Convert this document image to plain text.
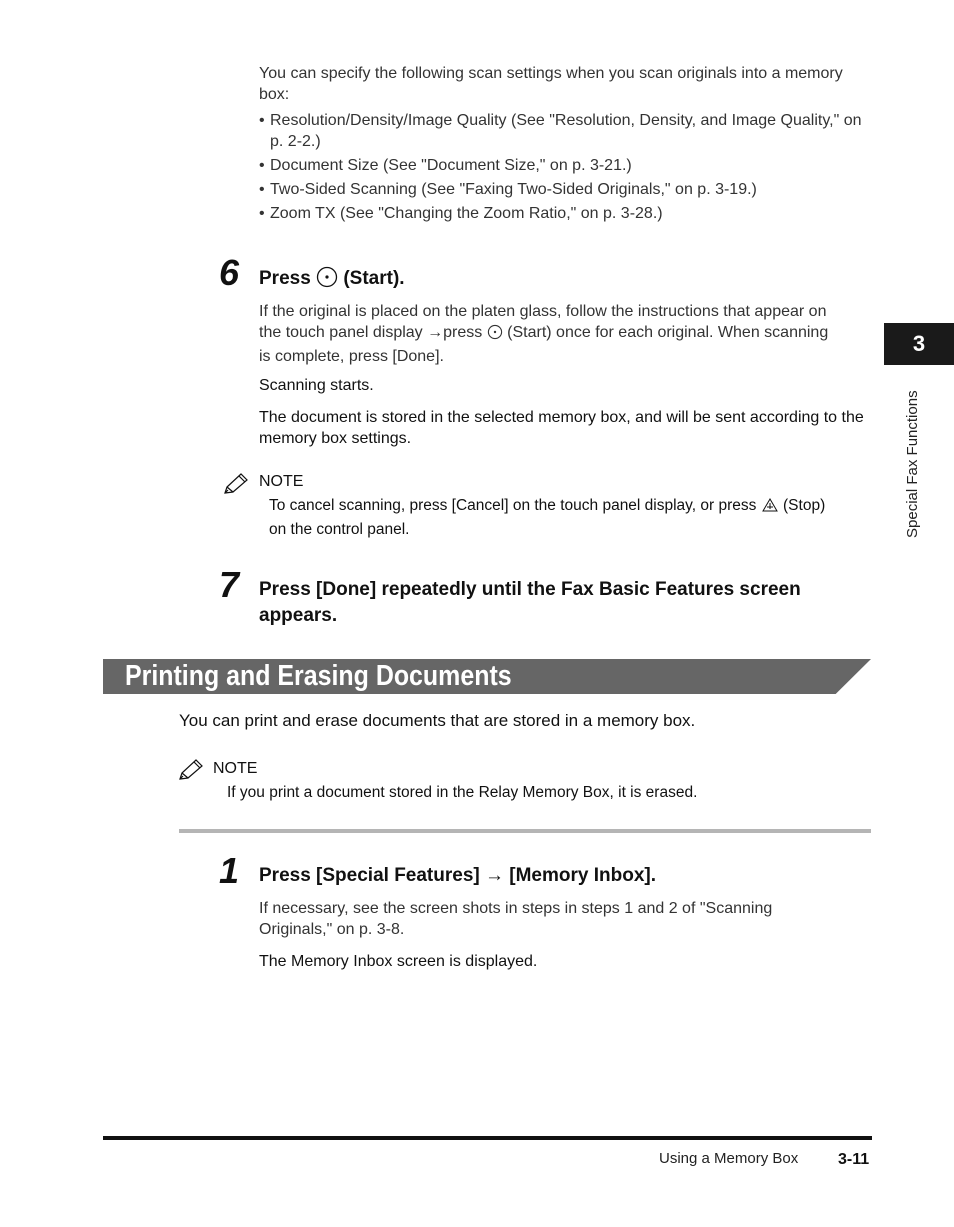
You can specify the following scan settings when you scan originals into a memory box:
• Resolution/Density/Image Quality (See "Resolution, Density, and Image Quality," on p. 2-2.)
• Document Size (See "Document Size," on p. 3-21.)
• Two-Sided Scanning (See "Faxing Two-Sided Originals," on p. 3-19.)
• Zoom TX (See "Changing the Zoom Ratio," on p. 3-28.)
6 Press (Start).
If the original is placed on the platen glass, follow the instructions that appear on
the touch panel display →press (Start) once for each original. When scanning
is complete, press [Done].
Scanning starts.
The document is stored in the selected memory box, and will be sent according to the memory box settings.
NOTE
To cancel scanning, press [Cancel] on the touch panel display, or press (Stop)
on the control panel.
7 Press [Done] repeatedly until the Fax Basic Features screen appears.
Printing and Erasing Documents
You can print and erase documents that are stored in a memory box.
NOTE
If you print a document stored in the Relay Memory Box, it is erased.
1 Press [Special Features] → [Memory Inbox].
If necessary, see the screen shots in steps in steps 1 and 2 of "Scanning Originals," on p. 3-8.
The Memory Inbox screen is displayed.
3
Special Fax Functions
Using a Memory Box 3-11
